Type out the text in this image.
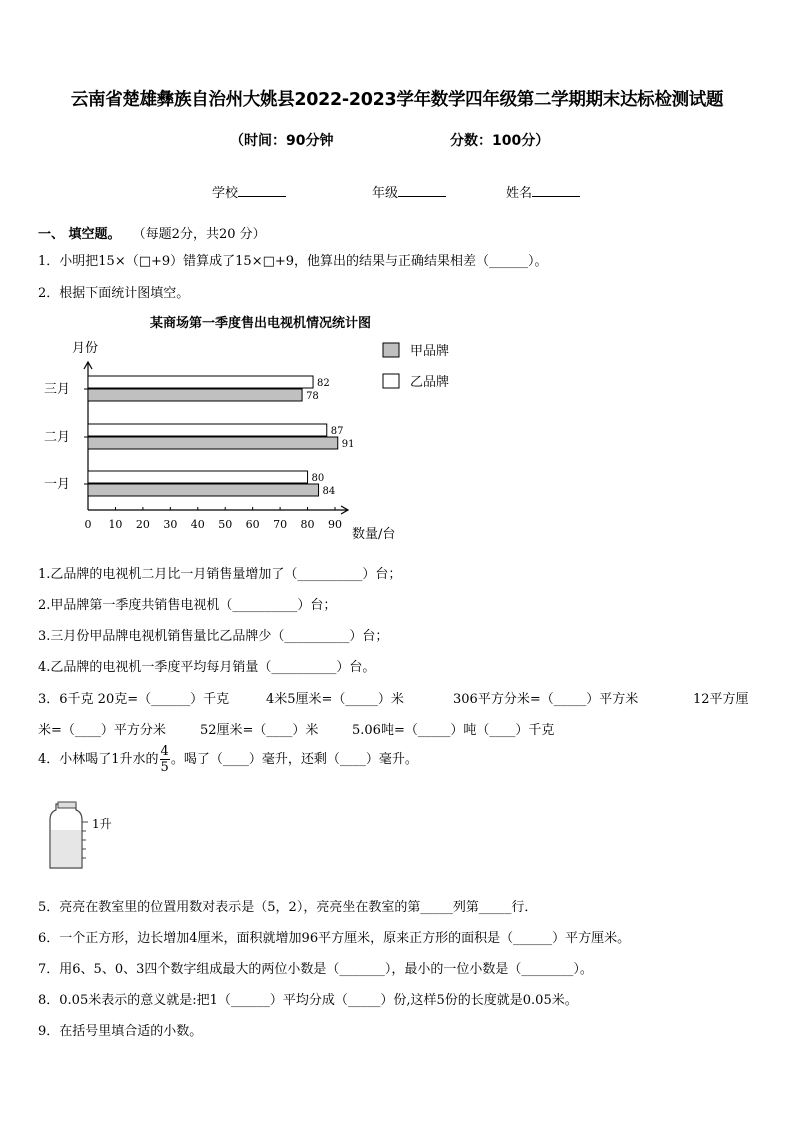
云南省楚雄彝族自治州大姚县2022-2023学年数学四年级第二学期期末达标检测试题
（时间：90分钟	分数：100分）
学校	年级	姓名
一、 填空题。 （每题2分，共20 分）
1．小明把15×（□+9）错算成了15×□+9，他算出的结果与正确结果相差（______）。
2．根据下面统计图填空。
某商场第一季度售出电视机情况统计图
月份
数量/台
0 10 20 30 40 50 60 70 80 90
三月	82
78
二月	87
91
一月	80
84
甲品牌
乙品牌
1.乙品牌的电视机二月比一月销售量增加了（__________）台；
2.甲品牌第一季度共销售电视机（__________）台；
3.三月份甲品牌电视机销售量比乙品牌少（__________）台；
4.乙品牌的电视机一季度平均每月销量（__________）台。
3．6千克 20克=（______）千克	4米5厘米=（_____）米	306平方分米=（_____）平方米	12平方厘
米=（____）平方分米	52厘米=（____）米	5.06吨=（_____）吨（____）千克
4．小林喝了1升水的 $\frac{4}{5}$ 。喝了（____）毫升，还剩（____）毫升。
1升
5．亮亮在教室里的位置用数对表示是（5，2），亮亮坐在教室的第_____列第_____行．
6．一个正方形，边长增加4厘米，面积就增加96平方厘米，原来正方形的面积是（______）平方厘米。
7．用6、5、0、3四个数字组成最大的两位小数是（_______），最小的一位小数是（________）。
8．0.05米表示的意义就是:把1（______）平均分成（_____）份,这样5份的长度就是0.05米。
9．在括号里填合适的小数。
